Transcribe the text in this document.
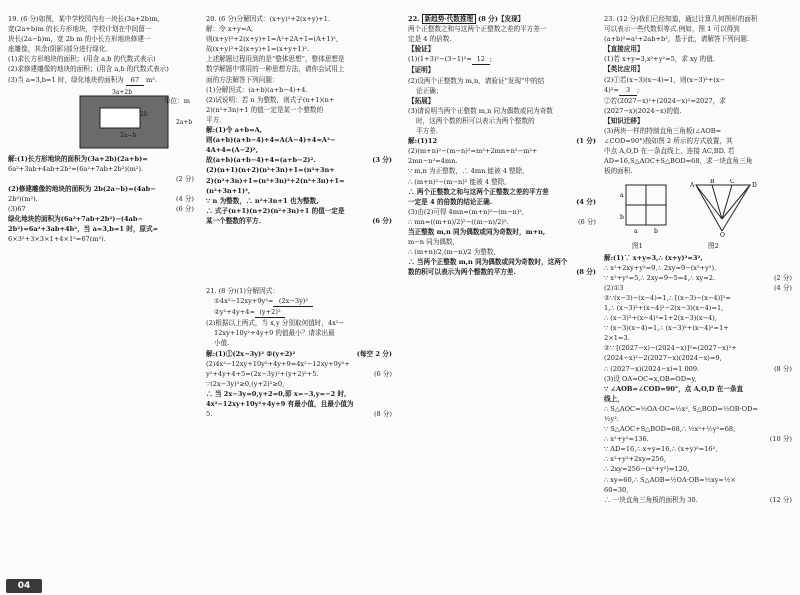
19. (6 分)如图，某中学校园内有一块长(3a+2b)m,

宽(2a+b)m 的长方形地块，学校计划在中间留一

块长(2a−b)m，宽 2b m 的小长方形地块修建一

座雕像，其余(阴影)部分进行绿化.

(1)求长方形地块的面积；(用含 a,b 的代数式表示)

(2)求修建雕像的地块的面积；(用含 a,b 的代数式表示)

(3)当 a=3,b=1 时，绿化地块的面积为 67 m².

3a+2b
2b
2a+b
2a−b
单位：m

解:(1)长方形地块的面积为(3a+2b)(2a+b)=

6a²+3ab+4ab+2b²=(6a²+7ab+2b²)(m²).

(2 分)

(2)修建雕像的地块的面积为 2b(2a−b)=(4ab−

2b²)(m²).	(4 分)

(3)67	(6 分)

绿化地块的面积为(6a²+7ab+2b²)−(4ab−

2b²)=6a²+3ab+4b²，当 a=3,b=1 时，原式=

6×3²+3×3×1+4×1²=67(m²).

20. (6 分)分解因式：(x+y)²+2(x+y)+1.

解：令 x+y=A,

则(x+y)²+2(x+y)+1=A²+2A+1=(A+1)²,

故(x+y)²+2(x+y)+1=(x+y+1)².

上述解题过程用到的是“整体思想”，整体思想是

数学解题中常用的一种思想方法，请你会试用上

面的方法解答下列问题：

(1)分解因式：(a+b)(a+b−4)+4.

(2)试说明：若 n 为整数，则式子(n+1)(n+

2)(n²+3n)+1 的值一定是某一个整数的

平方.

解:(1)令 a+b=A,

则(a+b)(a+b−4)+4=A(A−4)+4=A²−

4A+4=(A−2)²,

故(a+b)(a+b−4)+4=(a+b−2)².	(3 分)

(2)(n+1)(n+2)(n²+3n)+1=(n²+3n+

2)(n²+3n)+1=(n²+3n)²+2(n²+3n)+1=

(n²+3n+1)²,

∵ n 为整数，∴ n²+3n+1 也为整数,

∴ 式子(n+1)(n+2)(n²+3n)+1 的值一定是

某一个整数的平方.	(6 分)

21. (8 分)(1)分解因式：

①4x²−12xy+9y²= (2x−3y)²

②y²+4y+4= (y+2)²

(2)根据以上两式，当 x,y 分别取何值时，4x²−

12xy+10y²+4y+9 的值最小？请求出最

小值.

解:(1)①(2x−3y)² ②(y+2)²	(每空 2 分)

(2)4x²−12xy+10y²+4y+9=4x²−12xy+9y²+

y²+4y+4+5=(2x−3y)²+(y+2)²+5.	(6 分)

∵(2x−3y)²≥0,(y+2)²≥0,

∴ 当 2x−3y=0,y+2=0,即 x=−3,y=−2 时,

4x²−12xy+10y²+4y+9 有最小值，且最小值为

5.	(8 分)

22. 新趋势·代数推理 (8 分)【发现】

两个正整数之和与这两个正整数之差的平方差一

定是 4 的倍数.

【验证】

(1)(1+3)²−(3−1)²= 12 ;

【证明】

(2)设两个正整数为 m,n，请验证“发现”中的结

论正确；

【拓展】

(3)请说明当两个正整数 m,n 同为偶数或同为奇数

时，这两个数的积可以表示为两个整数的

平方差.

解:(1)12	(1 分)

(2)(m+n)²−(m−n)²=m²+2mn+n²−m²+

2mn−n²=4mn.

∵ m,n 为正整数，∴ 4mn 能被 4 整除,

∴ (m+n)²−(m−n)² 能被 4 整除,

∴ 两个正整数之和与这两个正整数之差的平方差

一定是 4 的倍数的结论正确.	(4 分)

(3)由(2)可得 4mn=(m+n)²−(m−n)²,

∴ mn=((m+n)/2)²−((m−n)/2)².	(6 分)

当正整数 m,n 同为偶数或同为奇数时，m+n,

m−n 同为偶数,

∴ (m+n)/2,(m−n)/2 为整数,

∴ 当两个正整数 m,n 同为偶数或同为奇数时，这两个

数的积可以表示为两个整数的平方差.	(8 分)

23. (12 分)我们已经知道，通过计算几何图形的面积

可以表示一些代数恒等式.例如，图 1 可以得到

(a+b)²=a²+2ab+b²，基于此，请解答下列问题.

【直接应用】

(1)若 x+y=3,x²+y²=5，求 xy 的值.

【类比应用】

(2)①若(x−3)(x−4)=1，则(x−3)²+(x−

4)²= 3 ;

②若(2027−x)²+(2024−x)²=2027，求

(2027−x)(2024−x)的值.

【知识迁移】

(3)两块一样的特制直角三角板(∠AOB=

∠COD=90°)按如图 2 所示的方式放置，其

中点 A,O,D 在一条直线上，连接 AC,BD. 若

AD=16,S△AOC+S△BOD=68，求一块直角三角

板的面积.

a
b
a	b
A
B	C
D
O
图1	图2

解:(1)∵ x+y=3,∴ (x+y)²=3²,

∴ x²+2xy+y²=9,∴ 2xy=9−(x²+y²).

∵ x²+y²=5,∴ 2xy=9−5=4,∴ xy=2.	(2 分)

(2)①3	(4 分)

②∵(x−3)−(x−4)=1,∴ [(x−3)−(x−4)]²=

1,∴ (x−3)²+(x−4)²−2(x−3)(x−4)=1,

∴ (x−3)²+(x−4)²=1+2(x−3)(x−4),

∵ (x−3)(x−4)=1,∴ (x−3)²+(x−4)²=1+

2×1=3.

②∵ [(2027−x)−(2024−x)]²=(2027−x)²+

(2024−x)²−2(2027−x)(2024−x)=9,

∴ (2027−x)(2024−x)=1 009.	(8 分)

(3)设 OA=OC=x,OB=OD=y,

∵ ∠AOB=∠COD=90°，点 A,O,D 在一条直

线上，

∴ S△AOC=½OA·OC=½x², S△BOD=½OB·OD=

½y².

∵ S△AOC+S△BOD=68,∴ ½x²+½y²=68,

∴ x²+y²=136.	(10 分)

∵ AD=16,∴ x+y=16,∴ (x+y)²=16²,

∴ x²+y²+2xy=256,

∴ 2xy=256−(x²+y²)=120,

∴ xy=60,∴ S△AOB=½OA·OB=½xy=½×

60=30,

∴ 一块直角三角板的面积为 30.	(12 分)

04
